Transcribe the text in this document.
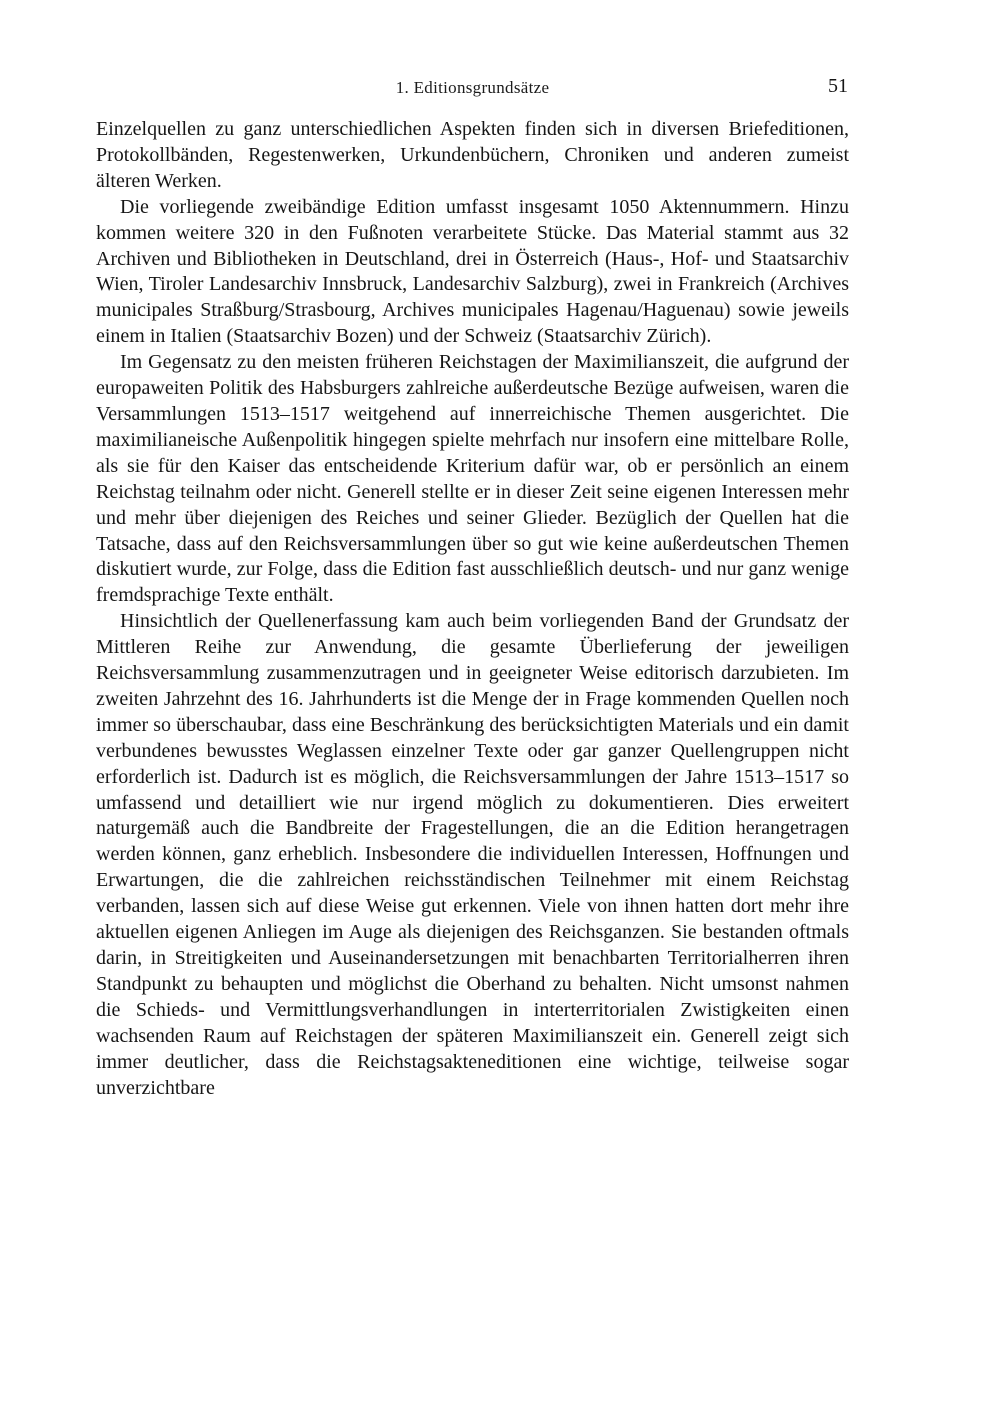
1. Editionsgrundsätze	51

Einzelquellen zu ganz unterschiedlichen Aspekten finden sich in diversen Briefeditionen, Protokollbänden, Regestenwerken, Urkundenbüchern, Chroniken und anderen zumeist älteren Werken.

Die vorliegende zweibändige Edition umfasst insgesamt 1050 Aktennummern. Hinzu kommen weitere 320 in den Fußnoten verarbeitete Stücke. Das Material stammt aus 32 Archiven und Bibliotheken in Deutschland, drei in Österreich (Haus-, Hof- und Staatsarchiv Wien, Tiroler Landesarchiv Innsbruck, Landesarchiv Salzburg), zwei in Frankreich (Archives municipales Straßburg/Strasbourg, Archives municipales Hagenau/Haguenau) sowie jeweils einem in Italien (Staatsarchiv Bozen) und der Schweiz (Staatsarchiv Zürich).

Im Gegensatz zu den meisten früheren Reichstagen der Maximilianszeit, die aufgrund der europaweiten Politik des Habsburgers zahlreiche außerdeutsche Bezüge aufweisen, waren die Versammlungen 1513–1517 weitgehend auf innerreichische Themen ausgerichtet. Die maximilianeische Außenpolitik hingegen spielte mehrfach nur insofern eine mittelbare Rolle, als sie für den Kaiser das entscheidende Kriterium dafür war, ob er persönlich an einem Reichstag teilnahm oder nicht. Generell stellte er in dieser Zeit seine eigenen Interessen mehr und mehr über diejenigen des Reiches und seiner Glieder. Bezüglich der Quellen hat die Tatsache, dass auf den Reichsversammlungen über so gut wie keine außerdeutschen Themen diskutiert wurde, zur Folge, dass die Edition fast ausschließlich deutsch- und nur ganz wenige fremdsprachige Texte enthält.

Hinsichtlich der Quellenerfassung kam auch beim vorliegenden Band der Grundsatz der Mittleren Reihe zur Anwendung, die gesamte Überlieferung der jeweiligen Reichsversammlung zusammenzutragen und in geeigneter Weise editorisch darzubieten. Im zweiten Jahrzehnt des 16. Jahrhunderts ist die Menge der in Frage kommenden Quellen noch immer so überschaubar, dass eine Beschränkung des berücksichtigten Materials und ein damit verbundenes bewusstes Weglassen einzelner Texte oder gar ganzer Quellengruppen nicht erforderlich ist. Dadurch ist es möglich, die Reichsversammlungen der Jahre 1513–1517 so umfassend und detailliert wie nur irgend möglich zu dokumentieren. Dies erweitert naturgemäß auch die Bandbreite der Fragestellungen, die an die Edition herangetragen werden können, ganz erheblich. Insbesondere die individuellen Interessen, Hoffnungen und Erwartungen, die die zahlreichen reichsständischen Teilnehmer mit einem Reichstag verbanden, lassen sich auf diese Weise gut erkennen. Viele von ihnen hatten dort mehr ihre aktuellen eigenen Anliegen im Auge als diejenigen des Reichsganzen. Sie bestanden oftmals darin, in Streitigkeiten und Auseinandersetzungen mit benachbarten Territorialherren ihren Standpunkt zu behaupten und möglichst die Oberhand zu behalten. Nicht umsonst nahmen die Schieds- und Vermittlungsverhandlungen in interterritorialen Zwistigkeiten einen wachsenden Raum auf Reichstagen der späteren Maximilianszeit ein. Generell zeigt sich immer deutlicher, dass die Reichstagsakteneditionen eine wichtige, teilweise sogar unverzichtbare
